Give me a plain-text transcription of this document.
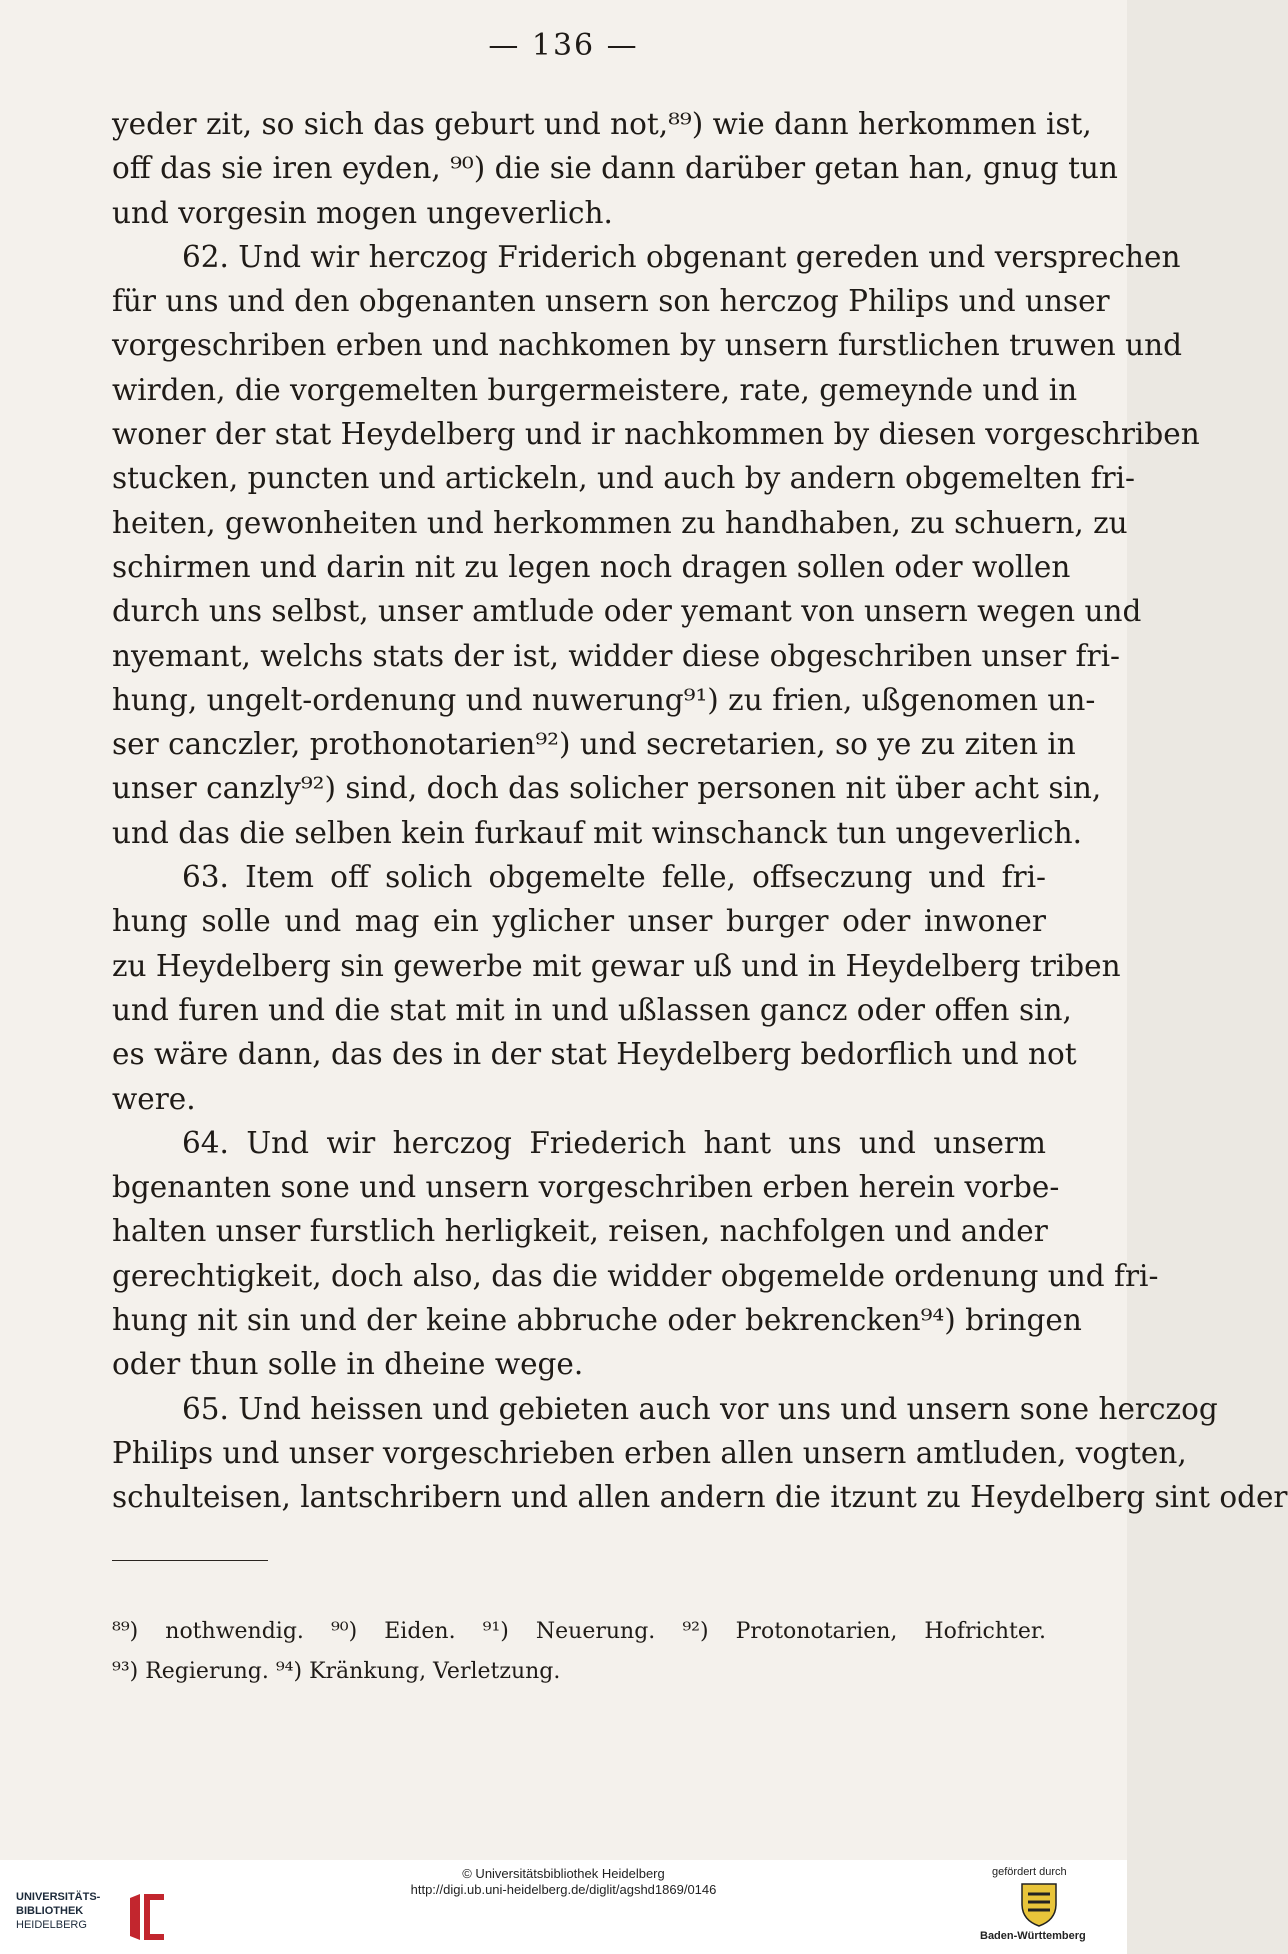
— 136 —
yeder zit, so sich das geburt und not,⁸⁹) wie dann herkommen ist,
off das sie iren eyden, ⁹⁰) die sie dann darüber getan han, gnug tun
und vorgesin mogen ungeverlich.
62. Und wir herczog Friderich obgenant gereden und versprechen
für uns und den obgenanten unsern son herczog Philips und unser
vorgeschriben erben und nachkomen by unsern furstlichen truwen und
wirden, die vorgemelten burgermeistere, rate, gemeynde und in
woner der stat Heydelberg und ir nachkommen by diesen vorgeschriben
stucken, puncten und artickeln, und auch by andern obgemelten fri-
heiten, gewonheiten und herkommen zu handhaben, zu schuern, zu
schirmen und darin nit zu legen noch dragen sollen oder wollen
durch uns selbst, unser amtlude oder yemant von unsern wegen und
nyemant, welchs stats der ist, widder diese obgeschriben unser fri-
hung, ungelt-ordenung und nuwerung⁹¹) zu frien, ußgenomen un-
ser canczler, prothonotarien⁹²) und secretarien, so ye zu ziten in
unser canzly⁹²) sind, doch das solicher personen nit über acht sin,
und das die selben kein furkauf mit winschanck tun ungeverlich.
63. Item off solich obgemelte felle, offseczung und fri-
hung solle und mag ein yglicher unser burger oder inwoner
zu Heydelberg sin gewerbe mit gewar uß und in Heydelberg triben
und furen und die stat mit in und ußlassen gancz oder offen sin,
es wäre dann, das des in der stat Heydelberg bedorflich und not
were.
64. Und wir herczog Friederich hant uns und unserm
bgenanten sone und unsern vorgeschriben erben herein vorbe-
halten unser furstlich herligkeit, reisen, nachfolgen und ander
gerechtigkeit, doch also, das die widder obgemelde ordenung und fri-
hung nit sin und der keine abbruche oder bekrencken⁹⁴) bringen
oder thun solle in dheine wege.
65. Und heissen und gebieten auch vor uns und unsern sone herczog
Philips und unser vorgeschrieben erben allen unsern amtluden, vogten,
schulteisen, lantschribern und allen andern die itzunt zu Heydelberg sint oder
⁸⁹) nothwendig. ⁹⁰) Eiden. ⁹¹) Neuerung. ⁹²) Protonotarien, Hofrichter.
⁹³) Regierung. ⁹⁴) Kränkung, Verletzung.
UNIVERSITÄTS-
BIBLIOTHEK
HEIDELBERG
© Universitätsbibliothek Heidelberg
http://digi.ub.uni-heidelberg.de/diglit/agshd1869/0146
gefördert durch
Baden-Württemberg
